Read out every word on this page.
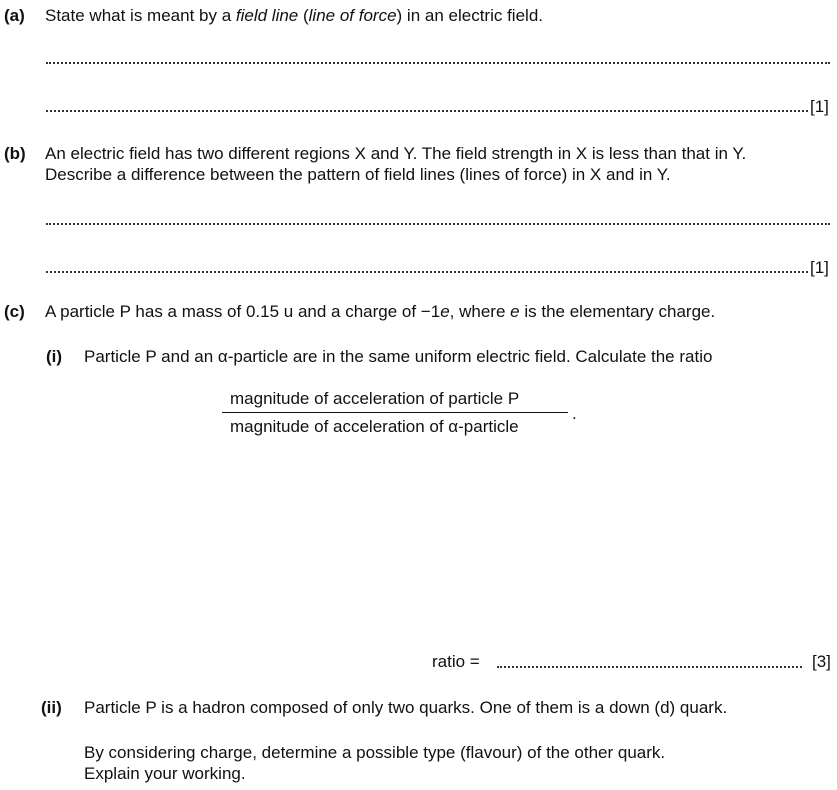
(a) State what is meant by a field line (line of force) in an electric field.
[1]
(b) An electric field has two different regions X and Y. The field strength in X is less than that in Y.
Describe a difference between the pattern of field lines (lines of force) in X and in Y.
[1]
(c) A particle P has a mass of 0.15 u and a charge of −1e, where e is the elementary charge.
(i) Particle P and an α-particle are in the same uniform electric field. Calculate the ratio
magnitude of acceleration of particle P
magnitude of acceleration of α-particle
.
ratio =	[3]
(ii) Particle P is a hadron composed of only two quarks. One of them is a down (d) quark.
By considering charge, determine a possible type (flavour) of the other quark.
Explain your working.
